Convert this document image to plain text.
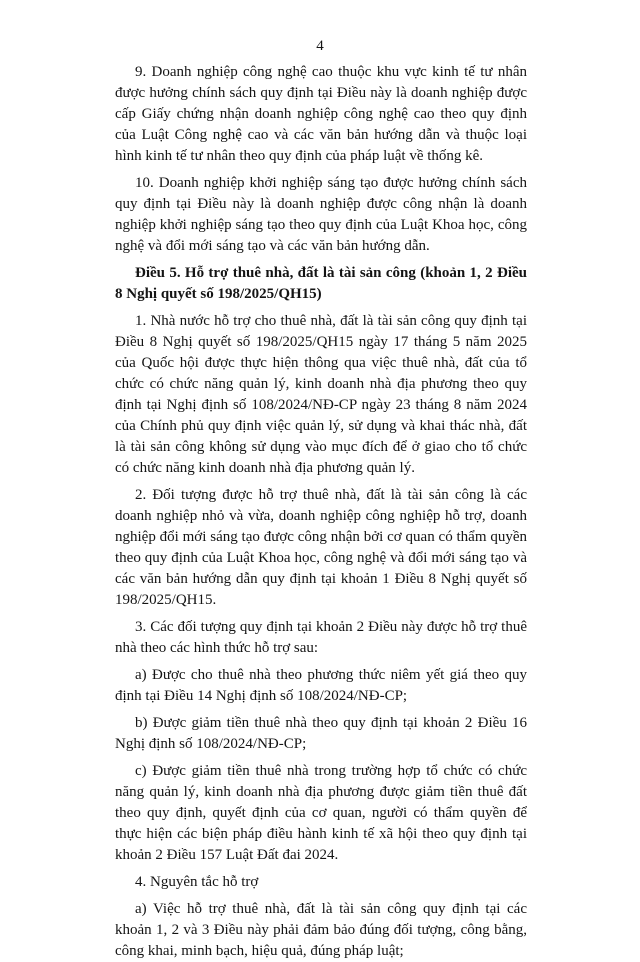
4

9. Doanh nghiệp công nghệ cao thuộc khu vực kinh tế tư nhân được hưởng chính sách quy định tại Điều này là doanh nghiệp được cấp Giấy chứng nhận doanh nghiệp công nghệ cao theo quy định của Luật Công nghệ cao và các văn bản hướng dẫn và thuộc loại hình kinh tế tư nhân theo quy định của pháp luật về thống kê.

10. Doanh nghiệp khởi nghiệp sáng tạo được hưởng chính sách quy định tại Điều này là doanh nghiệp được công nhận là doanh nghiệp khởi nghiệp sáng tạo theo quy định của Luật Khoa học, công nghệ và đổi mới sáng tạo và các văn bản hướng dẫn.

Điều 5. Hỗ trợ thuê nhà, đất là tài sản công (khoản 1, 2 Điều 8 Nghị quyết số 198/2025/QH15)

1. Nhà nước hỗ trợ cho thuê nhà, đất là tài sản công quy định tại Điều 8 Nghị quyết số 198/2025/QH15 ngày 17 tháng 5 năm 2025 của Quốc hội được thực hiện thông qua việc thuê nhà, đất của tổ chức có chức năng quản lý, kinh doanh nhà địa phương theo quy định tại Nghị định số 108/2024/NĐ-CP ngày 23 tháng 8 năm 2024 của Chính phủ quy định việc quản lý, sử dụng và khai thác nhà, đất là tài sản công không sử dụng vào mục đích để ở giao cho tổ chức có chức năng kinh doanh nhà địa phương quản lý.

2. Đối tượng được hỗ trợ thuê nhà, đất là tài sản công là các doanh nghiệp nhỏ và vừa, doanh nghiệp công nghiệp hỗ trợ, doanh nghiệp đổi mới sáng tạo được công nhận bởi cơ quan có thẩm quyền theo quy định của Luật Khoa học, công nghệ và đổi mới sáng tạo và các văn bản hướng dẫn quy định tại khoản 1 Điều 8 Nghị quyết số 198/2025/QH15.

3. Các đối tượng quy định tại khoản 2 Điều này được hỗ trợ thuê nhà theo các hình thức hỗ trợ sau:

a) Được cho thuê nhà theo phương thức niêm yết giá theo quy định tại Điều 14 Nghị định số 108/2024/NĐ-CP;

b) Được giảm tiền thuê nhà theo quy định tại khoản 2 Điều 16 Nghị định số 108/2024/NĐ-CP;

c) Được giảm tiền thuê nhà trong trường hợp tổ chức có chức năng quản lý, kinh doanh nhà địa phương được giảm tiền thuê đất theo quy định, quyết định của cơ quan, người có thẩm quyền để thực hiện các biện pháp điều hành kinh tế xã hội theo quy định tại khoản 2 Điều 157 Luật Đất đai 2024.

4. Nguyên tắc hỗ trợ

a) Việc hỗ trợ thuê nhà, đất là tài sản công quy định tại các khoản 1, 2 và 3 Điều này phải đảm bảo đúng đối tượng, công bằng, công khai, minh bạch, hiệu quả, đúng pháp luật;
